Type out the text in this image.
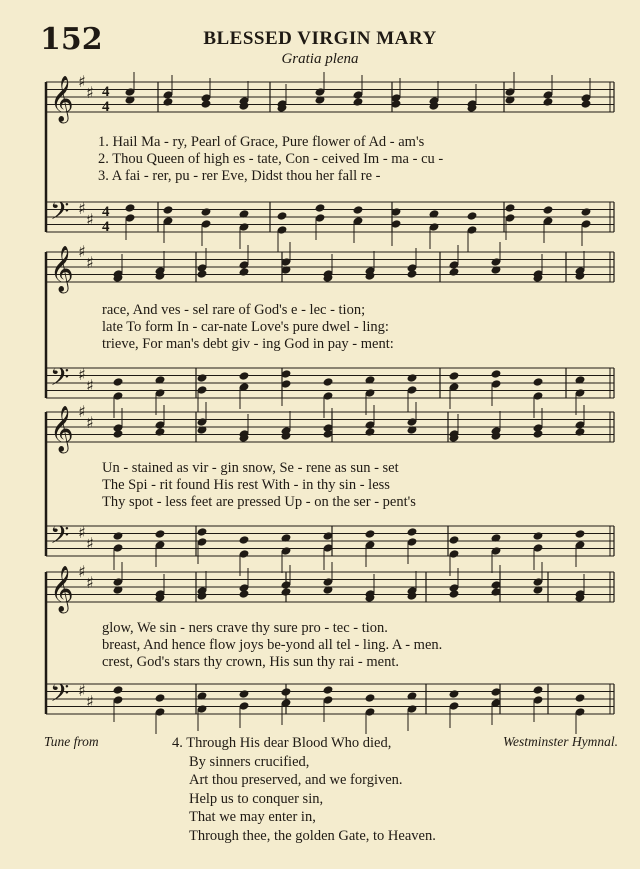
152	BLESSED VIRGIN MARY
Gratia plena
𝄞 ♯
♯ 4
4
𝄢 ♯
♯ 4
4
𝄞 ♯
♯
𝄢 ♯
♯
𝄞 ♯
♯
𝄢 ♯
♯
𝄞 ♯
♯
𝄢 ♯
♯
1. Hail Ma - ry, Pearl of Grace, Pure flower of Ad - am's
2. Thou Queen of high es - tate, Con - ceived Im - ma - cu -
3. A fai - rer, pu - rer Eve, Didst thou her fall re -
race, And ves - sel rare of God's e - lec - tion;
late To form In - car-nate Love's pure dwel - ling:
trieve, For man's debt giv - ing God in pay - ment:
Un - stained as vir - gin snow, Se - rene as sun - set
The Spi - rit found His rest With - in thy sin - less
Thy spot - less feet are pressed Up - on the ser - pent's
glow, We sin - ners crave thy sure pro - tec - tion.
breast, And hence flow joys be-yond all tel - ling. A - men.
crest, God's stars thy crown, His sun thy rai - ment.
Tune from	Westminster Hymnal.
4. Through His dear Blood Who died,
By sinners crucified,
Art thou preserved, and we forgiven.
Help us to conquer sin,
That we may enter in,
Through thee, the golden Gate, to Heaven.
